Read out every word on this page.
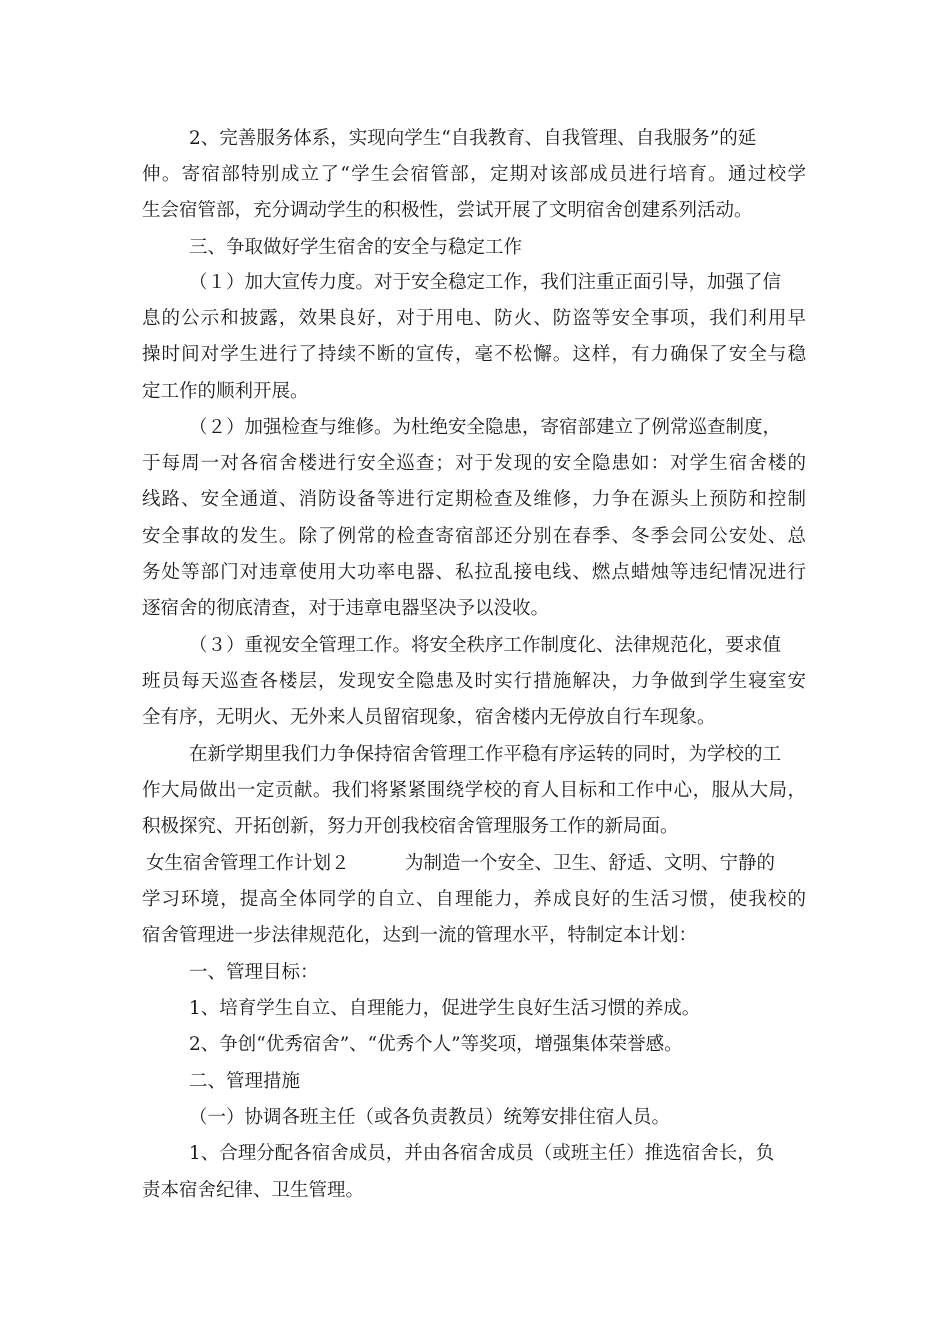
2、完善服务体系，实现向学生“自我教育、自我管理、自我服务”的延
伸。寄宿部特别成立了“学生会宿管部，定期对该部成员进行培育。通过校学
生会宿管部，充分调动学生的积极性，尝试开展了文明宿舍创建系列活动。
三、争取做好学生宿舍的安全与稳定工作
（１）加大宣传力度。对于安全稳定工作，我们注重正面引导，加强了信
息的公示和披露，效果良好，对于用电、防火、防盗等安全事项，我们利用早
操时间对学生进行了持续不断的宣传，毫不松懈。这样，有力确保了安全与稳
定工作的顺利开展。
（２）加强检查与维修。为杜绝安全隐患，寄宿部建立了例常巡查制度，
于每周一对各宿舍楼进行安全巡查；对于发现的安全隐患如：对学生宿舍楼的
线路、安全通道、消防设备等进行定期检查及维修，力争在源头上预防和控制
安全事故的发生。除了例常的检查寄宿部还分别在春季、冬季会同公安处、总
务处等部门对违章使用大功率电器、私拉乱接电线、燃点蜡烛等违纪情况进行
逐宿舍的彻底清查，对于违章电器坚决予以没收。
（３）重视安全管理工作。将安全秩序工作制度化、法律规范化，要求值
班员每天巡查各楼层，发现安全隐患及时实行措施解决，力争做到学生寝室安
全有序，无明火、无外来人员留宿现象，宿舍楼内无停放自行车现象。
在新学期里我们力争保持宿舍管理工作平稳有序运转的同时，为学校的工
作大局做出一定贡献。我们将紧紧围绕学校的育人目标和工作中心，服从大局，
积极探究、开拓创新，努力开创我校宿舍管理服务工作的新局面。
女生宿舍管理工作计划２　　　为制造一个安全、卫生、舒适、文明、宁静的
学习环境，提高全体同学的自立、自理能力，养成良好的生活习惯，使我校的
宿舍管理进一步法律规范化，达到一流的管理水平，特制定本计划：
一、管理目标：
1、培育学生自立、自理能力，促进学生良好生活习惯的养成。
2、争创“优秀宿舍”、“优秀个人”等奖项，增强集体荣誉感。
二、管理措施
（一）协调各班主任（或各负责教员）统筹安排住宿人员。
1、合理分配各宿舍成员，并由各宿舍成员（或班主任）推选宿舍长，负
责本宿舍纪律、卫生管理。
